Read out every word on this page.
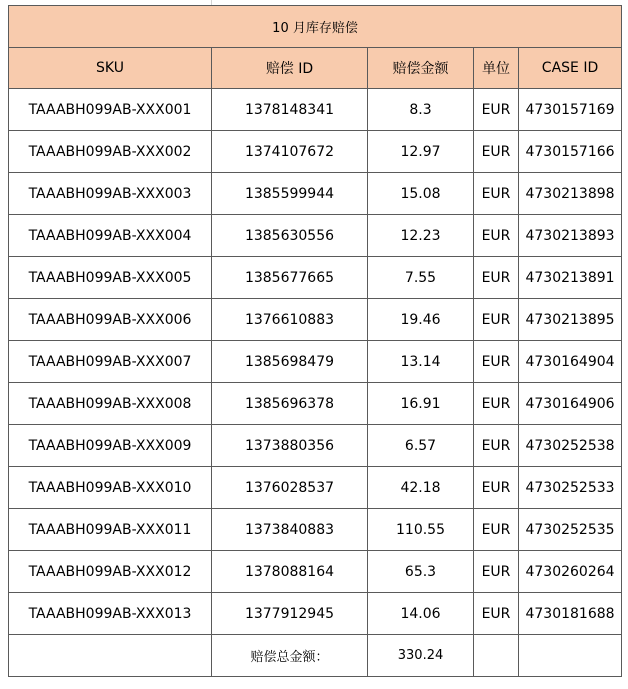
10 月库存赔偿				
SKU	赔偿 ID	赔偿金额	单位	CASE ID
TAAABH099AB-XXX001	1378148341	8.3	EUR	4730157169
TAAABH099AB-XXX002	1374107672	12.97	EUR	4730157166
TAAABH099AB-XXX003	1385599944	15.08	EUR	4730213898
TAAABH099AB-XXX004	1385630556	12.23	EUR	4730213893
TAAABH099AB-XXX005	1385677665	7.55	EUR	4730213891
TAAABH099AB-XXX006	1376610883	19.46	EUR	4730213895
TAAABH099AB-XXX007	1385698479	13.14	EUR	4730164904
TAAABH099AB-XXX008	1385696378	16.91	EUR	4730164906
TAAABH099AB-XXX009	1373880356	6.57	EUR	4730252538
TAAABH099AB-XXX010	1376028537	42.18	EUR	4730252533
TAAABH099AB-XXX011	1373840883	110.55	EUR	4730252535
TAAABH099AB-XXX012	1378088164	65.3	EUR	4730260264
TAAABH099AB-XXX013	1377912945	14.06	EUR	4730181688
	赔偿总金额：	330.24		
